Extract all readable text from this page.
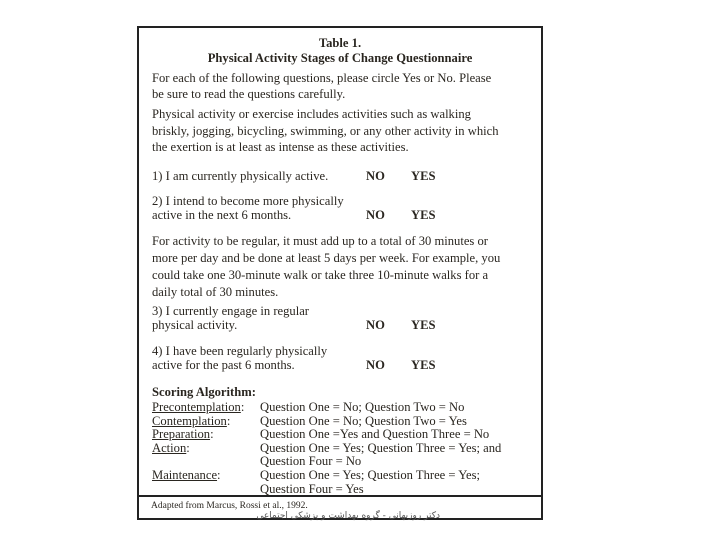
Table 1.
Physical Activity Stages of Change Questionnaire
For each of the following questions, please circle Yes or No. Please
be sure to read the questions carefully.
Physical activity or exercise includes activities such as walking
briskly, jogging, bicycling, swimming, or any other activity in which
the exertion is at least as intense as these activities.
1) I am currently physically active.	NO YES
2) I intend to become more physically
active in the next 6 months.	NO YES
For activity to be regular, it must add up to a total of 30 minutes or
more per day and be done at least 5 days per week. For example, you
could take one 30-minute walk or take three 10-minute walks for a
daily total of 30 minutes.
3) I currently engage in regular
physical activity.	NO YES
4) I have been regularly physically
active for the past 6 months.	NO YES
Scoring Algorithm:
Precontemplation: Question One = No; Question Two = No
Contemplation: Question One = No; Question Two = Yes
Preparation:	Question One =Yes and Question Three = No
Action:	Question One = Yes; Question Three = Yes; and
Question Four = No
Maintenance:	Question One = Yes; Question Three = Yes;
Question Four = Yes
Adapted from Marcus, Rossi et al., 1992.
دکتر روزبهانی - گروه بهداشت و پزشکی اجتماعی
